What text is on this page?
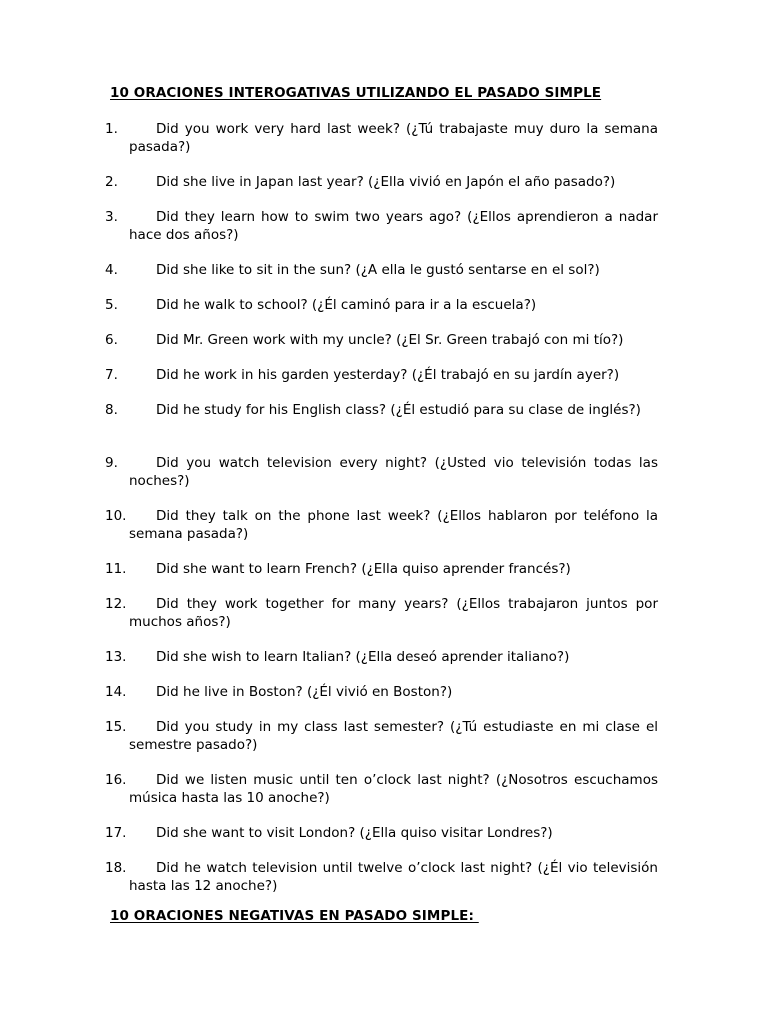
10 ORACIONES INTEROGATIVAS UTILIZANDO EL PASADO SIMPLE
1.	Did you work very hard last week? (¿Tú trabajaste muy duro la semana pasada?)
2.	Did she live in Japan last year? (¿Ella vivió en Japón el año pasado?)
3.	Did they learn how to swim two years ago? (¿Ellos aprendieron a nadar hace dos años?)
4.	Did she like to sit in the sun? (¿A ella le gustó sentarse en el sol?)
5.	Did he walk to school? (¿Él caminó para ir a la escuela?)
6.	Did Mr. Green work with my uncle? (¿El Sr. Green trabajó con mi tío?)
7.	Did he work in his garden yesterday? (¿Él trabajó en su jardín ayer?)
8.	Did he study for his English class? (¿Él estudió para su clase de inglés?)
9.	Did you watch television every night? (¿Usted vio televisión todas las noches?)
10.	Did they talk on the phone last week? (¿Ellos hablaron por teléfono la semana pasada?)
11.	Did she want to learn French? (¿Ella quiso aprender francés?)
12.	Did they work together for many years? (¿Ellos trabajaron juntos por muchos años?)
13.	Did she wish to learn Italian? (¿Ella deseó aprender italiano?)
14.	Did he live in Boston? (¿Él vivió en Boston?)
15.	Did you study in my class last semester? (¿Tú estudiaste en mi clase el semestre pasado?)
16.	Did we listen music until ten o’clock last night? (¿Nosotros escuchamos música hasta las 10 anoche?)
17.	Did she want to visit London? (¿Ella quiso visitar Londres?)
18.	Did he watch television until twelve o’clock last night? (¿Él vio televisión hasta las 12 anoche?)
10 ORACIONES NEGATIVAS EN PASADO SIMPLE:
